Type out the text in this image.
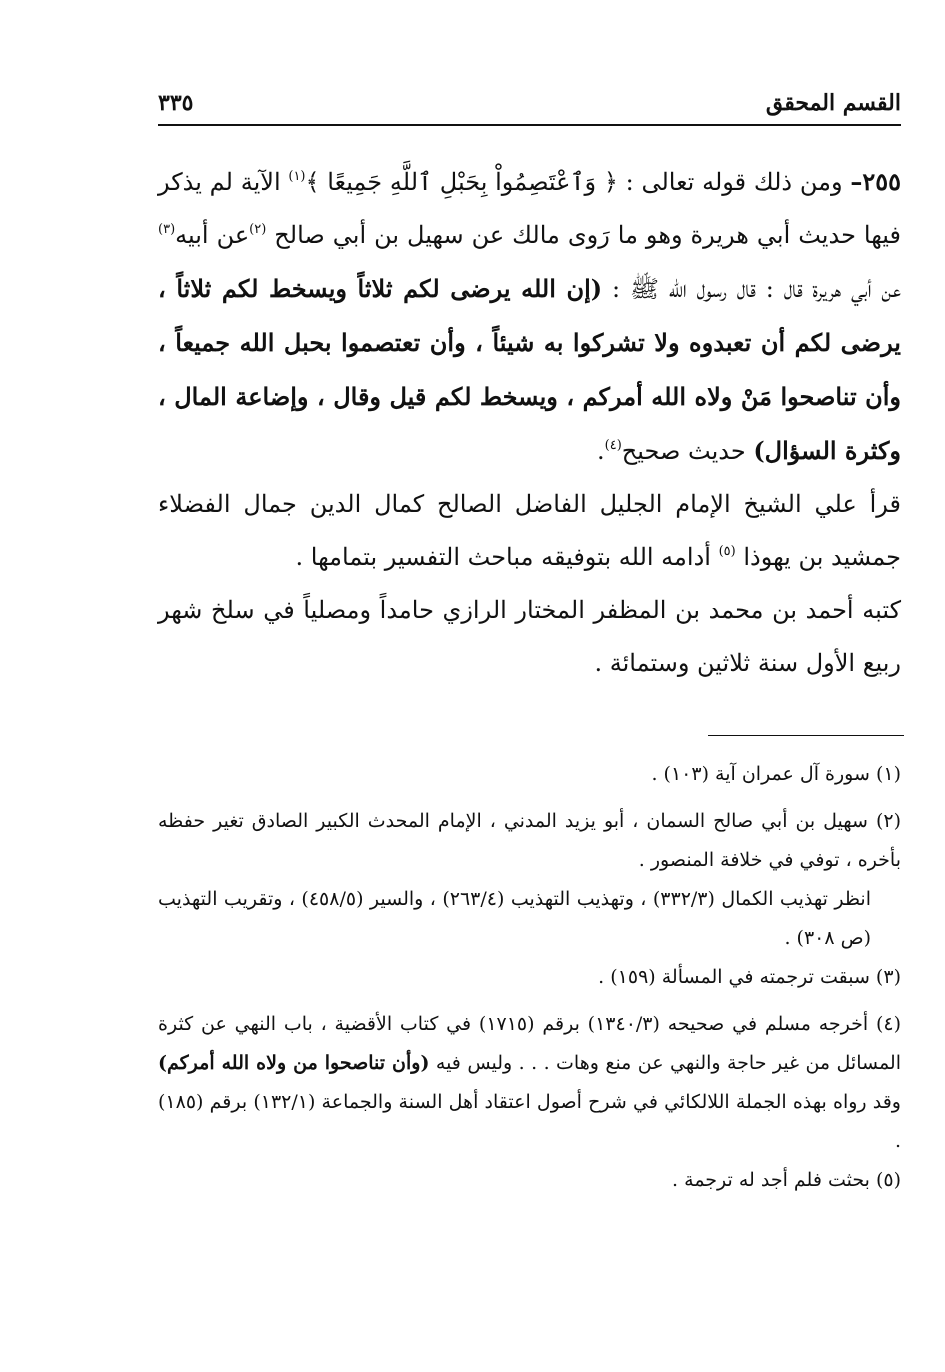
القسم المحقق
٣٣٥

٢٥٥– ومن ذلك قوله تعالى : ﴿ وَٱعْتَصِمُواْ بِحَبْلِ ٱللَّهِ جَمِيعًا ﴾$^{(١)}$ الآية لم يذكر فيها حديث أبي هريرة وهو ما رَوى مالك عن سهيل بن أبي صالح $^{(٢)}$عن أبيه$^{(٣)}$ عن أبي هريرة قال : قال رسول الله ﷺ : (إن الله يرضى لكم ثلاثاً ويسخط لكم ثلاثاً ، يرضى لكم أن تعبدوه ولا تشركوا به شيئاً ، وأن تعتصموا بحبل الله جميعاً ، وأن تناصحوا مَنْ ولاه الله أمركم ، ويسخط لكم قيل وقال ، وإضاعة المال ، وكثرة السؤال) حديث صحيح$^{(٤)}$.

قرأ علي الشيخ الإمام الجليل الفاضل الصالح كمال الدين جمال الفضلاء جمشيد بن يهوذا $^{(٥)}$ أدامه الله بتوفيقه مباحث التفسير بتمامها .

كتبه أحمد بن محمد بن المظفر المختار الرازي حامداً ومصلياً في سلخ شهر ربيع الأول سنة ثلاثين وستمائة .

(١) سورة آل عمران آية (١٠٣) .

(٢) سهيل بن أبي صالح السمان ، أبو يزيد المدني ، الإمام المحدث الكبير الصادق تغير حفظه بأخره ، توفي في خلافة المنصور .

انظر تهذيب الكمال (٣٣٢/٣) ، وتهذيب التهذيب (٢٦٣/٤) ، والسير (٤٥٨/٥) ، وتقريب التهذيب (ص ٣٠٨) .

(٣) سبقت ترجمته في المسألة (١٥٩) .

(٤) أخرجه مسلم في صحيحه (١٣٤٠/٣) برقم (١٧١٥) في كتاب الأقضية ، باب النهي عن كثرة المسائل من غير حاجة والنهي عن منع وهات . . . وليس فيه (وأن تناصحوا من ولاه الله أمركم) وقد رواه بهذه الجملة اللالكائي في شرح أصول اعتقاد أهل السنة والجماعة (١٣٢/١) برقم (١٨٥) .

(٥) بحثت فلم أجد له ترجمة .
